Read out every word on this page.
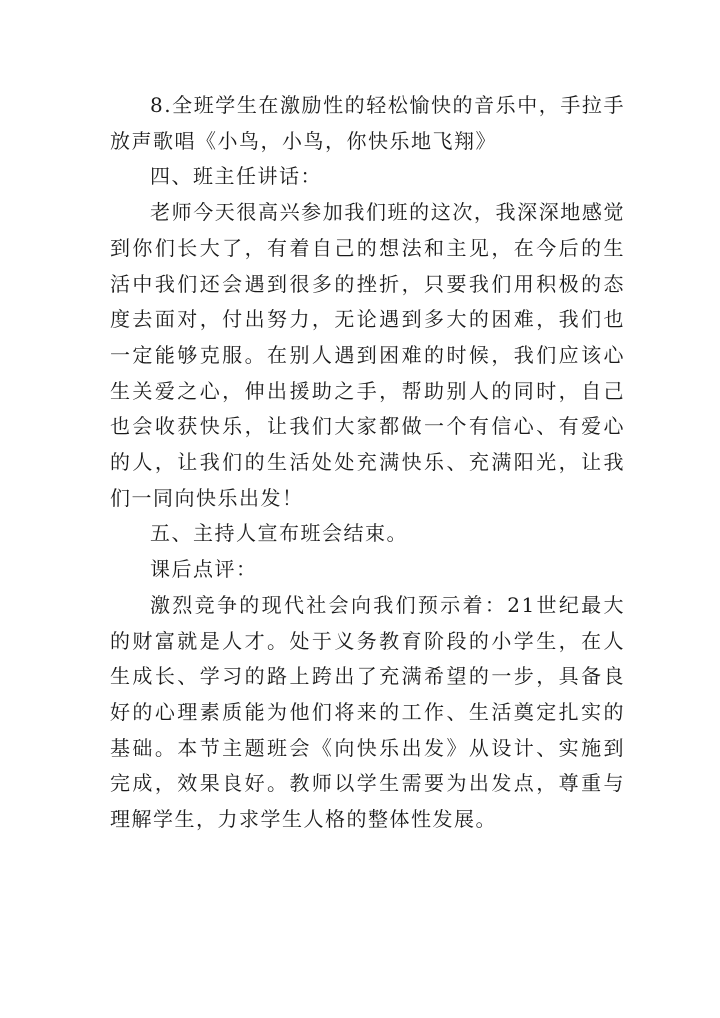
8.全班学生在激励性的轻松愉快的音乐中，手拉手放声歌唱《小鸟，小鸟，你快乐地飞翔》

四、班主任讲话：

老师今天很高兴参加我们班的这次，我深深地感觉到你们长大了，有着自己的想法和主见，在今后的生活中我们还会遇到很多的挫折，只要我们用积极的态度去面对，付出努力，无论遇到多大的困难，我们也一定能够克服。在别人遇到困难的时候，我们应该心生关爱之心，伸出援助之手，帮助别人的同时，自己也会收获快乐，让我们大家都做一个有信心、有爱心的人，让我们的生活处处充满快乐、充满阳光，让我们一同向快乐出发！

五、主持人宣布班会结束。

课后点评：

激烈竞争的现代社会向我们预示着：21世纪最大的财富就是人才。处于义务教育阶段的小学生，在人生成长、学习的路上跨出了充满希望的一步，具备良好的心理素质能为他们将来的工作、生活奠定扎实的基础。本节主题班会《向快乐出发》从设计、实施到完成，效果良好。教师以学生需要为出发点，尊重与理解学生，力求学生人格的整体性发展。
